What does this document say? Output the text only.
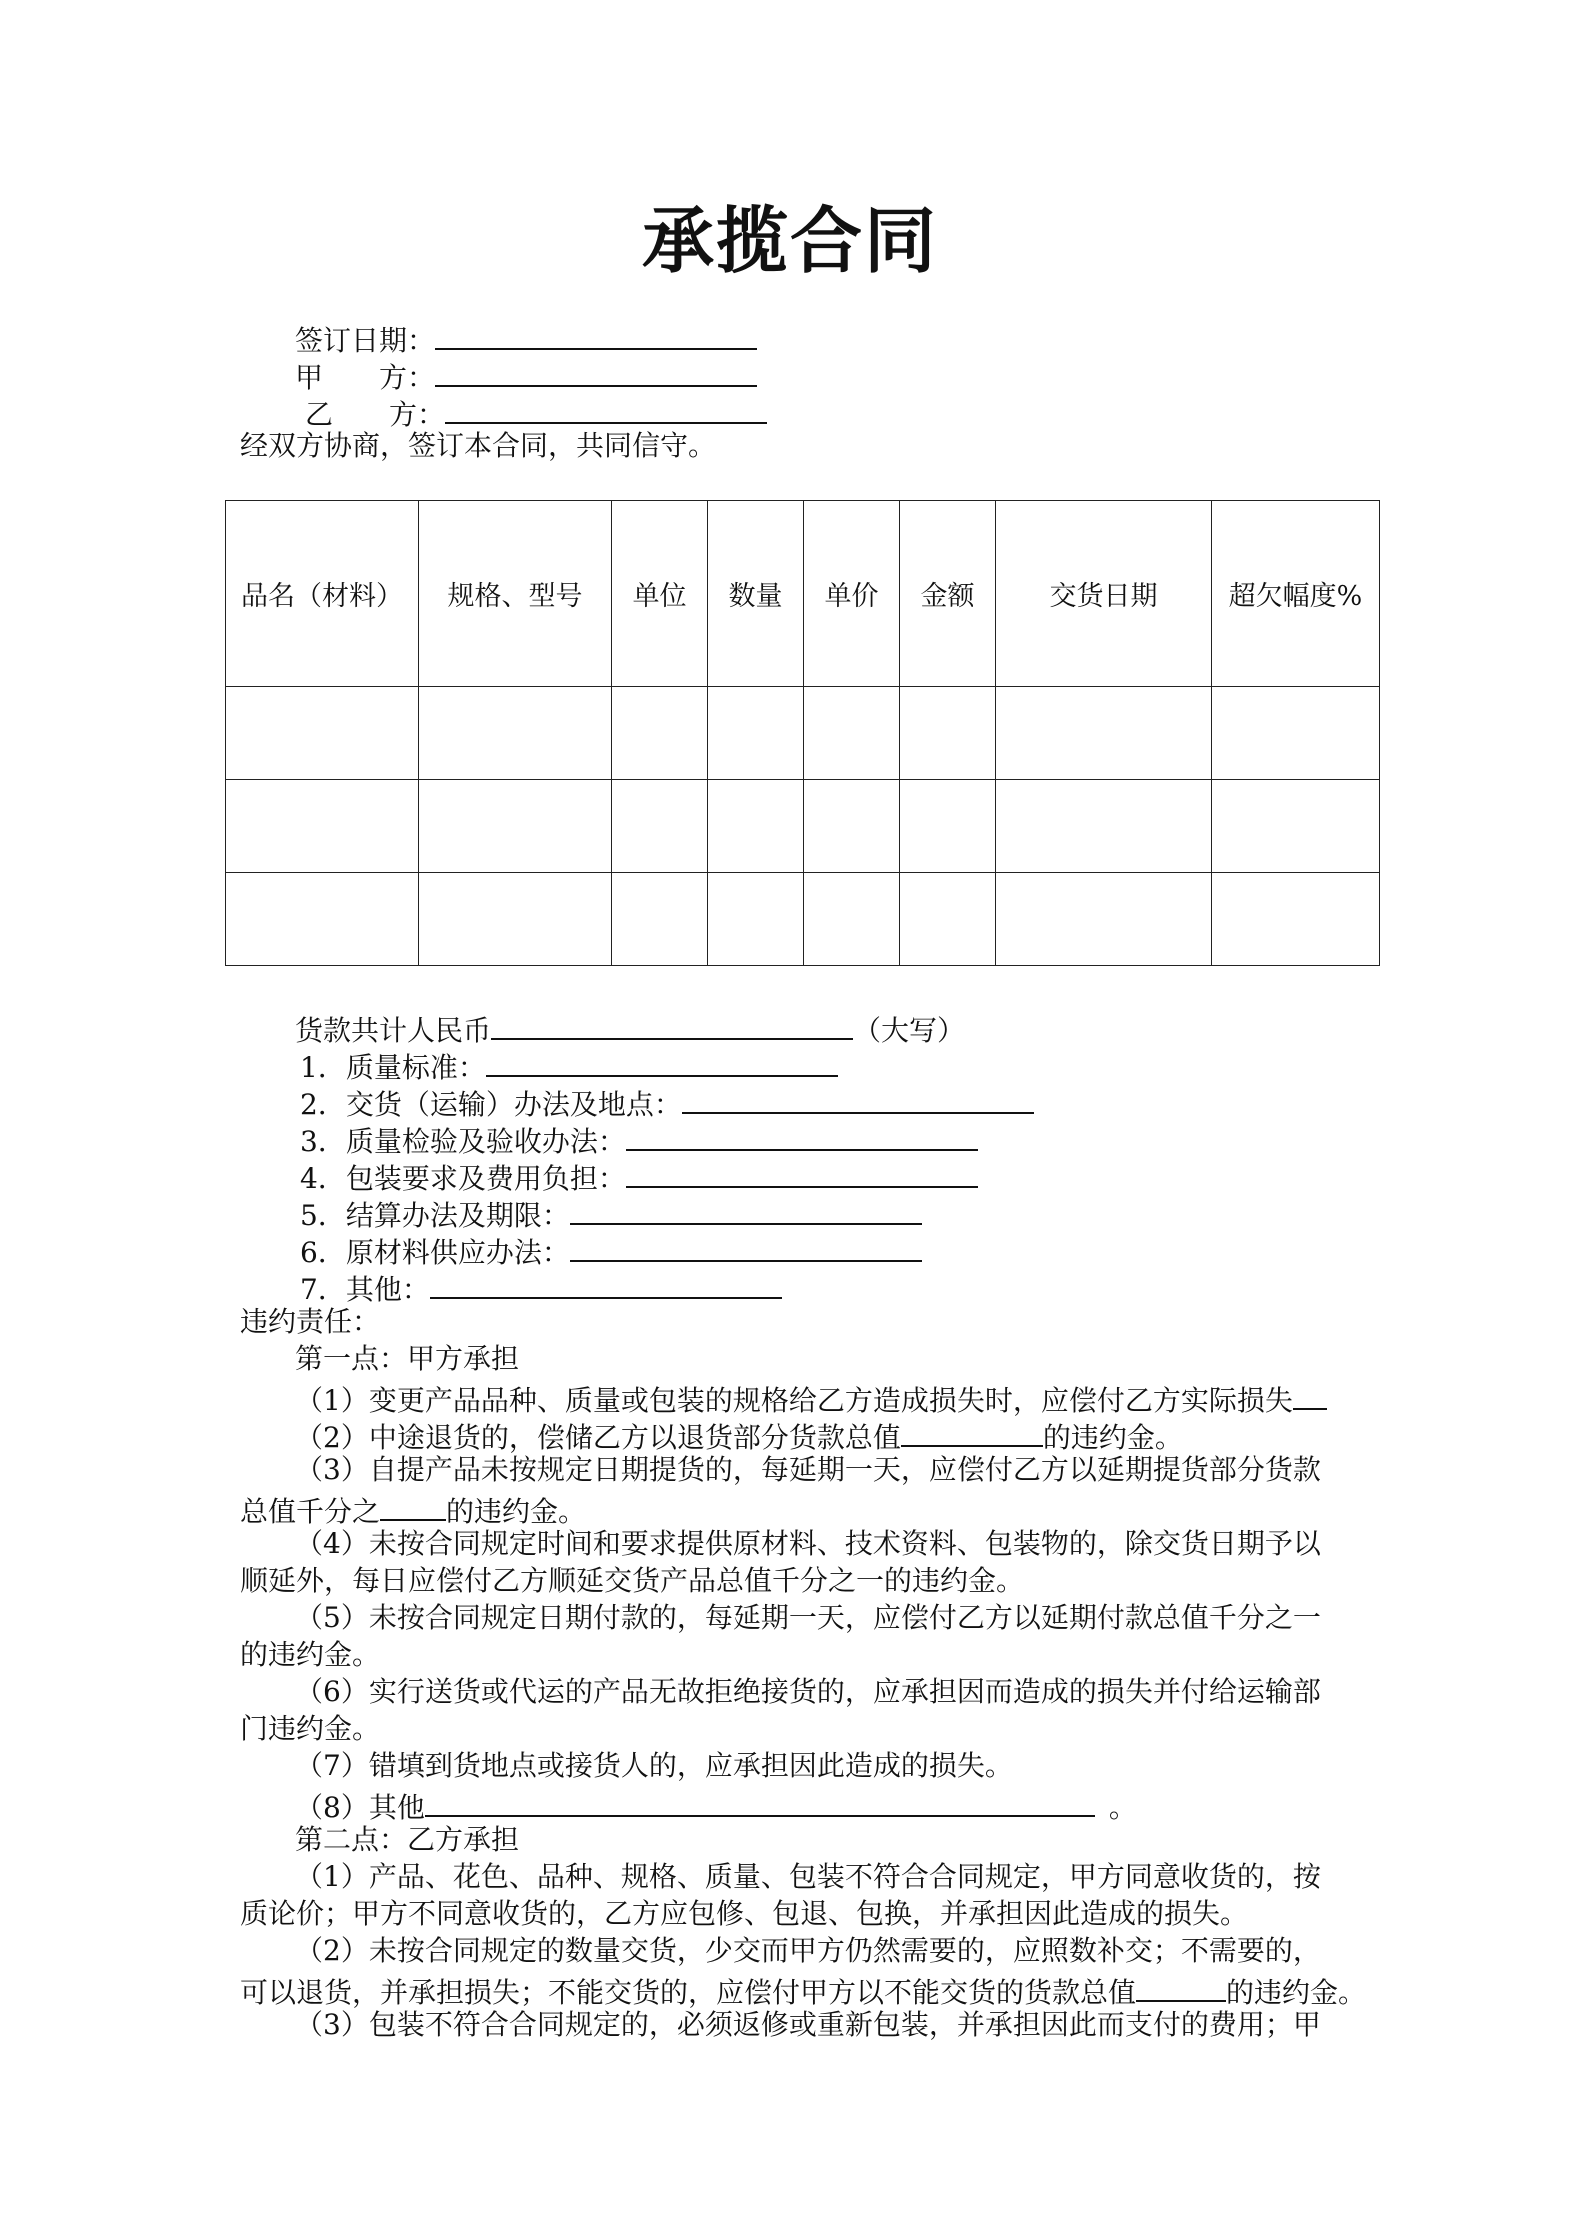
承揽合同
签订日期：
甲　　方：
乙　　方：
经双方协商，签订本合同，共同信守。
品名（材料）	规格、型号	单位	数量	单价	金额	交货日期	超欠幅度%

货款共计人民币	（大写）
1．质量标准：
2．交货（运输）办法及地点：
3．质量检验及验收办法：
4．包装要求及费用负担：
5．结算办法及期限：
6．原材料供应办法：
7．其他：
违约责任：
第一点：甲方承担
（1）变更产品品种、质量或包装的规格给乙方造成损失时，应偿付乙方实际损失
（2）中途退货的，偿储乙方以退货部分货款总值	的违约金。
（3）自提产品未按规定日期提货的，每延期一天，应偿付乙方以延期提货部分货款
总值千分之 的违约金。
（4）未按合同规定时间和要求提供原材料、技术资料、包装物的，除交货日期予以
顺延外，每日应偿付乙方顺延交货产品总值千分之一的违约金。
（5）未按合同规定日期付款的，每延期一天，应偿付乙方以延期付款总值千分之一
的违约金。
（6）实行送货或代运的产品无故拒绝接货的，应承担因而造成的损失并付给运输部
门违约金。
（7）错填到货地点或接货人的，应承担因此造成的损失。
（8）其他	。
第二点：乙方承担
（1）产品、花色、品种、规格、质量、包装不符合合同规定，甲方同意收货的，按
质论价；甲方不同意收货的，乙方应包修、包退、包换，并承担因此造成的损失。
（2）未按合同规定的数量交货，少交而甲方仍然需要的，应照数补交；不需要的，
可以退货，并承担损失；不能交货的，应偿付甲方以不能交货的货款总值	的违约金。
（3）包装不符合合同规定的，必须返修或重新包装，并承担因此而支付的费用；甲
